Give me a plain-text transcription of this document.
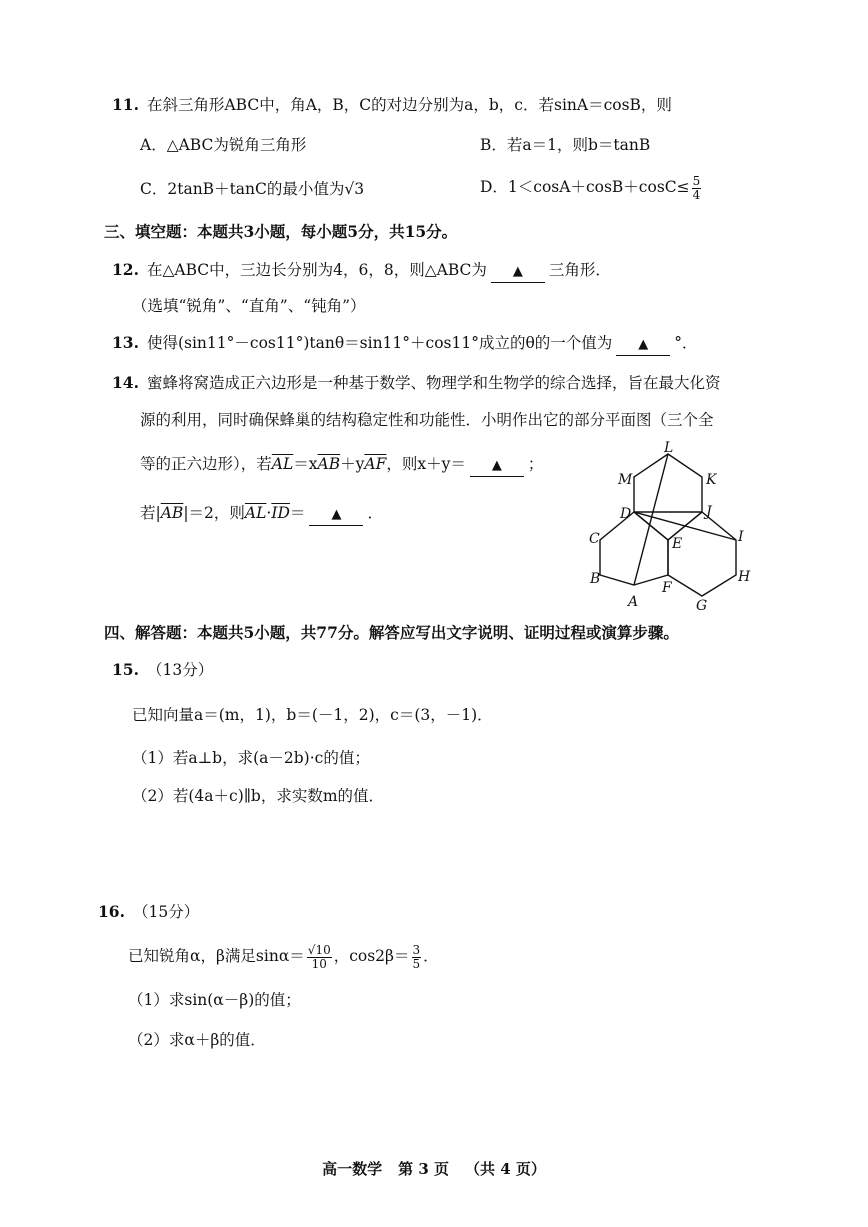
11. 在斜三角形ABC中，角A，B，C的对边分别为a，b，c．若sinA＝cosB，则
A．△ABC为锐角三角形	B．若a＝1，则b＝tanB
C．2tanB＋tanC的最小值为√3	D．$1<\cos A+\cos B+\cos C\le \frac{5}{4}$
三、填空题：本题共3小题，每小题5分，共15分。
12. 在△ABC中，三边长分别为4，6，8，则△ABC为 ▲ 三角形．
（选填“锐角”、“直角”、“钝角”）
13. 使得(sin11°－cos11°)tanθ＝sin11°＋cos11°成立的θ的一个值为 ▲ °．
14. 蜜蜂将窝造成正六边形是一种基于数学、物理学和生物学的综合选择，旨在最大化资
源的利用，同时确保蜂巢的结构稳定性和功能性．小明作出它的部分平面图（三个全
等的正六边形），若$\overline{AL}=x\overline{AB}+y\overline{AF}$，则x＋y＝ ▲ ；
若$|\overline{AB}|=2$，则$\overline{AL}\cdot\overline{ID}=$ ▲ ．
L
M	K
D	J
C	E	I
B	H
F
A	G
四、解答题：本题共5小题，共77分。解答应写出文字说明、证明过程或演算步骤。
15. （13分）
已知向量a＝(m，1)，b＝(－1，2)，c＝(3，－1)．
（1）若a⊥b，求(a－2b)·c的值；
（2）若(4a＋c)∥b，求实数m的值．
16. （15分）
已知锐角α，β满足$\sin\alpha= \frac{√10}{10}$ ，$\cos 2\beta= \frac{3}{5}$ ．
（1）求sin(α－β)的值；
（2）求α＋β的值．
高一数学 第 3 页 （共 4 页）
